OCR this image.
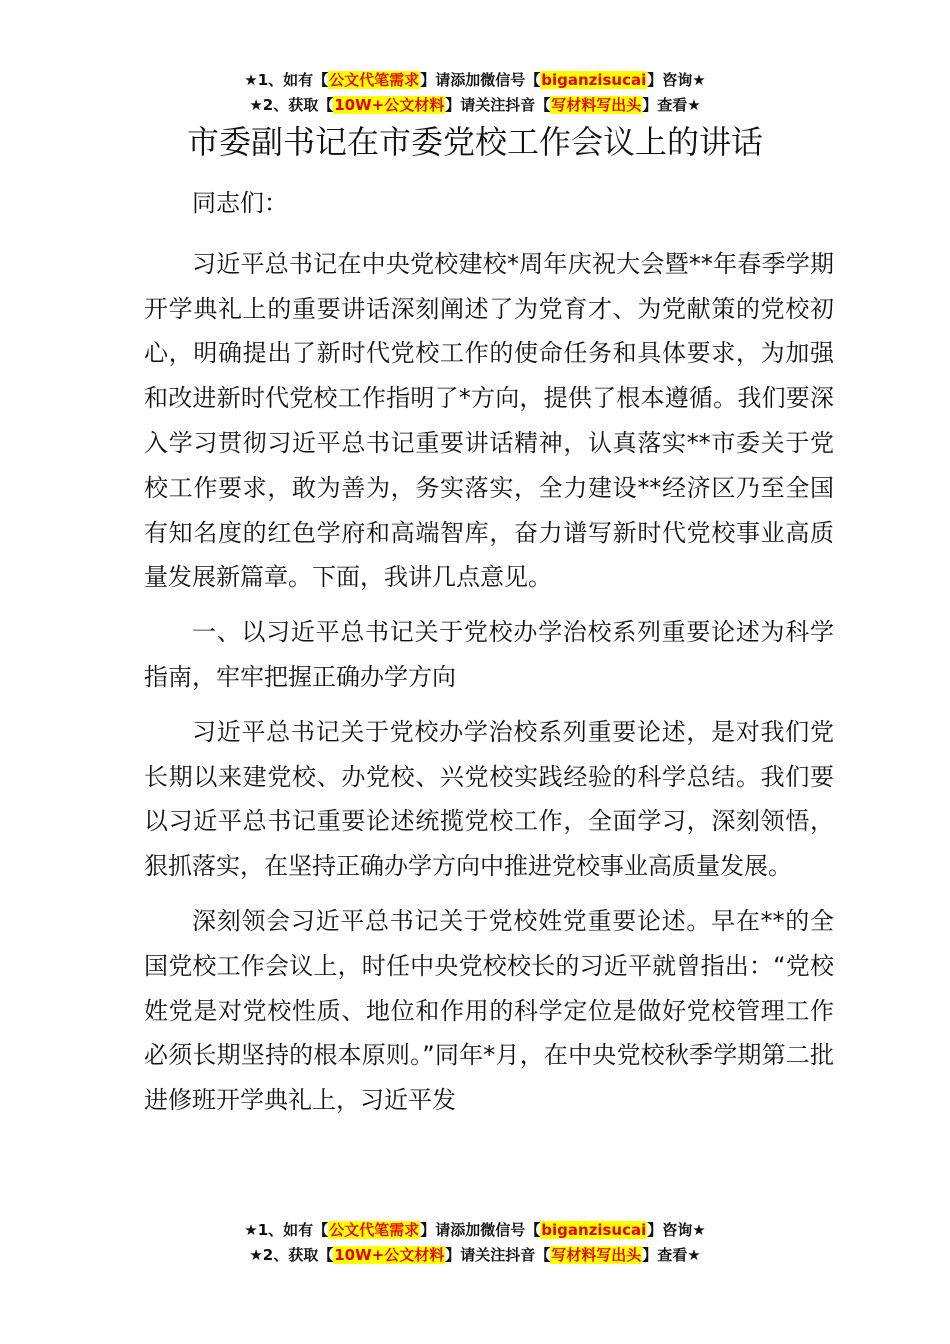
★1、如有【公文代笔需求】请添加微信号【biganzisucai】咨询★
★2、获取【10W+公文材料】请关注抖音【写材料写出头】查看★
市委副书记在市委党校工作会议上的讲话

同志们：

习近平总书记在中央党校建校*周年庆祝大会暨**年春季学期开学典礼上的重要讲话深刻阐述了为党育才、为党献策的党校初心，明确提出了新时代党校工作的使命任务和具体要求，为加强和改进新时代党校工作指明了*方向，提供了根本遵循。我们要深入学习贯彻习近平总书记重要讲话精神，认真落实**市委关于党校工作要求，敢为善为，务实落实，全力建设**经济区乃至全国有知名度的红色学府和高端智库，奋力谱写新时代党校事业高质量发展新篇章。下面，我讲几点意见。

一、以习近平总书记关于党校办学治校系列重要论述为科学指南，牢牢把握正确办学方向

习近平总书记关于党校办学治校系列重要论述，是对我们党长期以来建党校、办党校、兴党校实践经验的科学总结。我们要以习近平总书记重要论述统揽党校工作，全面学习，深刻领悟，狠抓落实，在坚持正确办学方向中推进党校事业高质量发展。

深刻领会习近平总书记关于党校姓党重要论述。早在**的全国党校工作会议上，时任中央党校校长的习近平就曾指出：“党校姓党是对党校性质、地位和作用的科学定位是做好党校管理工作必须长期坚持的根本原则。”同年*月，在中央党校秋季学期第二批进修班开学典礼上，习近平发

★1、如有【公文代笔需求】请添加微信号【biganzisucai】咨询★
★2、获取【10W+公文材料】请关注抖音【写材料写出头】查看★
